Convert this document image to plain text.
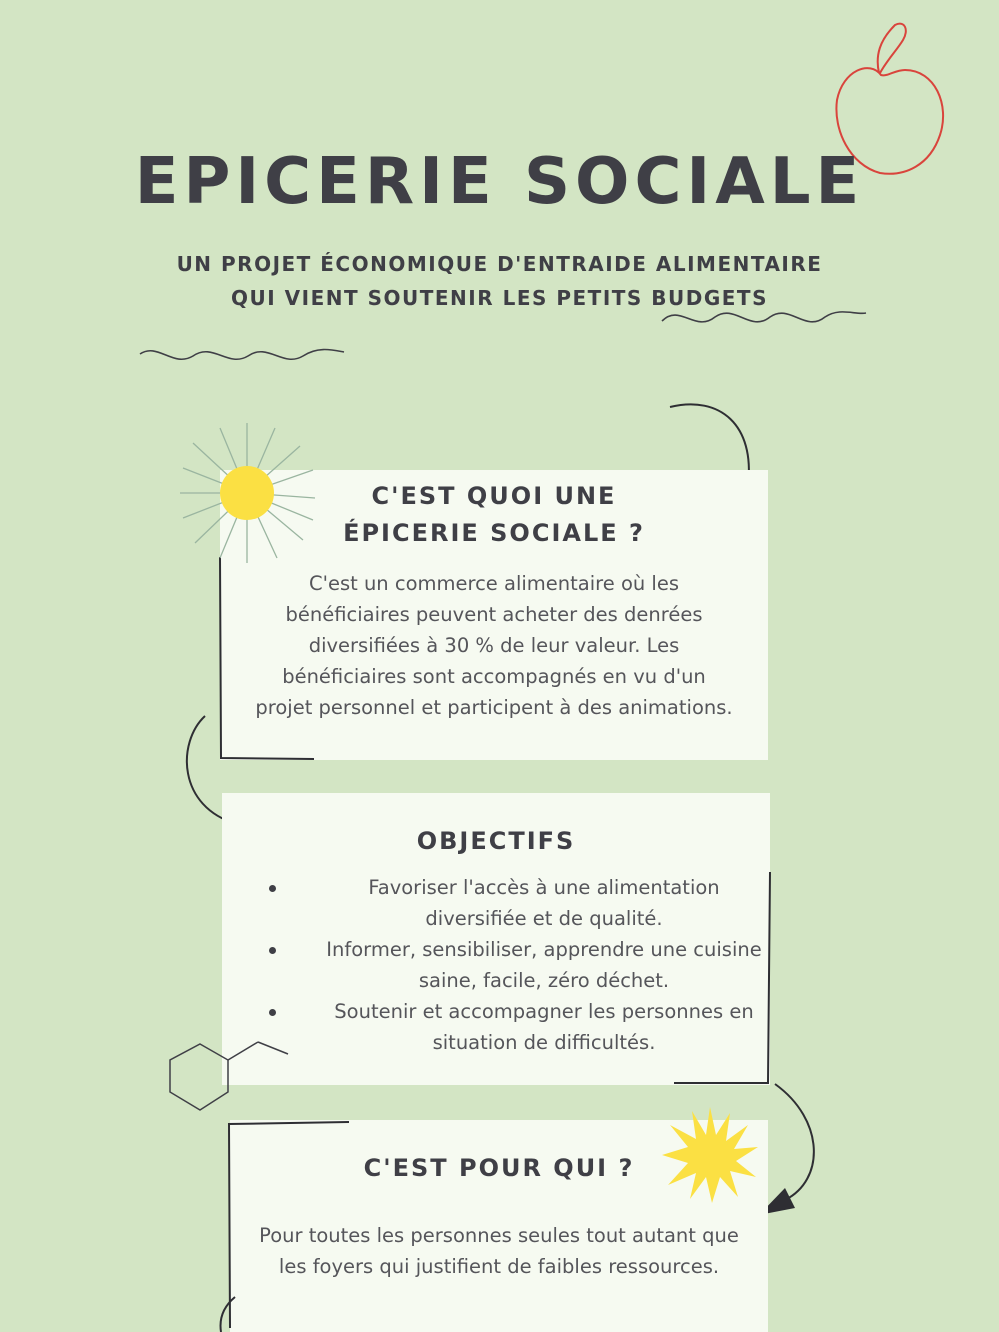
EPICERIE SOCIALE
UN PROJET ÉCONOMIQUE D'ENTRAIDE ALIMENTAIRE
QUI VIENT SOUTENIR LES PETITS BUDGETS
C'EST QUOI UNE
ÉPICERIE SOCIALE ?
C'est un commerce alimentaire où les
bénéficiaires peuvent acheter des denrées
diversifiées à 30 % de leur valeur. Les
bénéficiaires sont accompagnés en vu d'un
projet personnel et participent à des animations.
OBJECTIFS
Favoriser l'accès à une alimentation
diversifiée et de qualité.
Informer, sensibiliser, apprendre une cuisine
saine, facile, zéro déchet.
Soutenir et accompagner les personnes en
situation de difficultés.
C'EST POUR QUI ?
Pour toutes les personnes seules tout autant que
les foyers qui justifient de faibles ressources.
